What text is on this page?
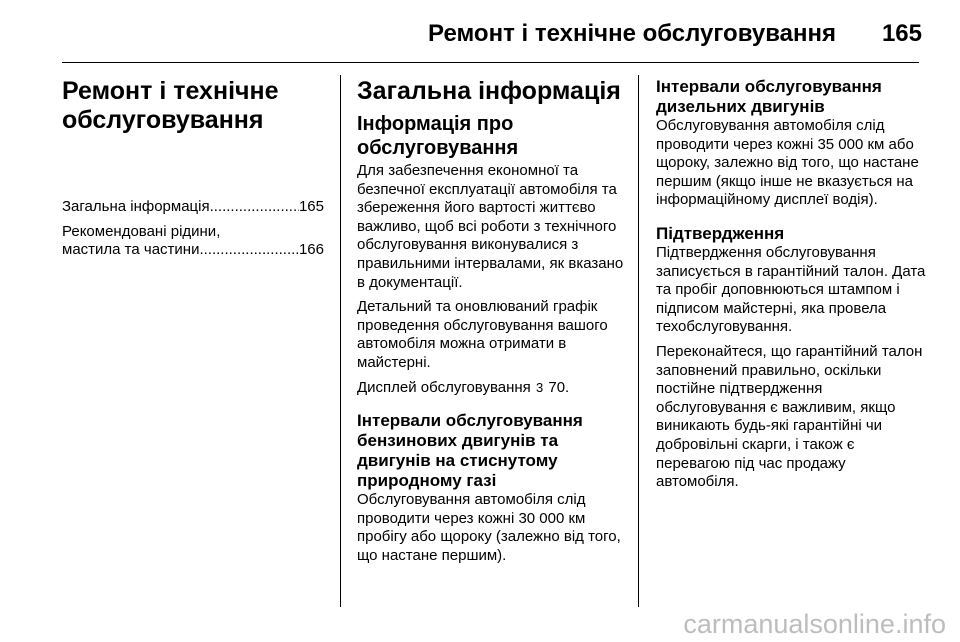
Ремонт і технічне обслуговування 165
Ремонт і технічне
обслуговування
Загальна інформація .....	165
Рекомендовані рідини,
мастила та частини .....	166
Загальна інформація
Інформація про обслуговування

Для забезпечення економної та безпечної експлуатації автомобіля та збереження його вартості життєво важливо, щоб всі роботи з технічного обслуговування виконувалися з правильними інтервалами, як вказано в документації.

Детальний та оновлюваний графік проведення обслуговування вашого автомобіля можна отримати в майстерні.

Дисплей обслуговування 3 70.

Інтервали обслуговування бензинових двигунів та двигунів на стиснутому природному газі

Обслуговування автомобіля слід проводити через кожні 30 000 км пробігу або щороку (залежно від того, що настане першим).

Інтервали обслуговування дизельних двигунів

Обслуговування автомобіля слід проводити через кожні 35 000 км або щороку, залежно від того, що настане першим (якщо інше не вказується на інформаційному дисплеї водія).

Підтвердження

Підтвердження обслуговування записується в гарантійний талон. Дата та пробіг доповнюються штампом і підписом майстерні, яка провела техобслуговування.

Переконайтеся, що гарантійний талон заповнений правильно, оскільки постійне підтвердження обслуговування є важливим, якщо виникають будь-які гарантійні чи добровільні скарги, і також є перевагою під час продажу автомобіля.

carmanualsonline.info
